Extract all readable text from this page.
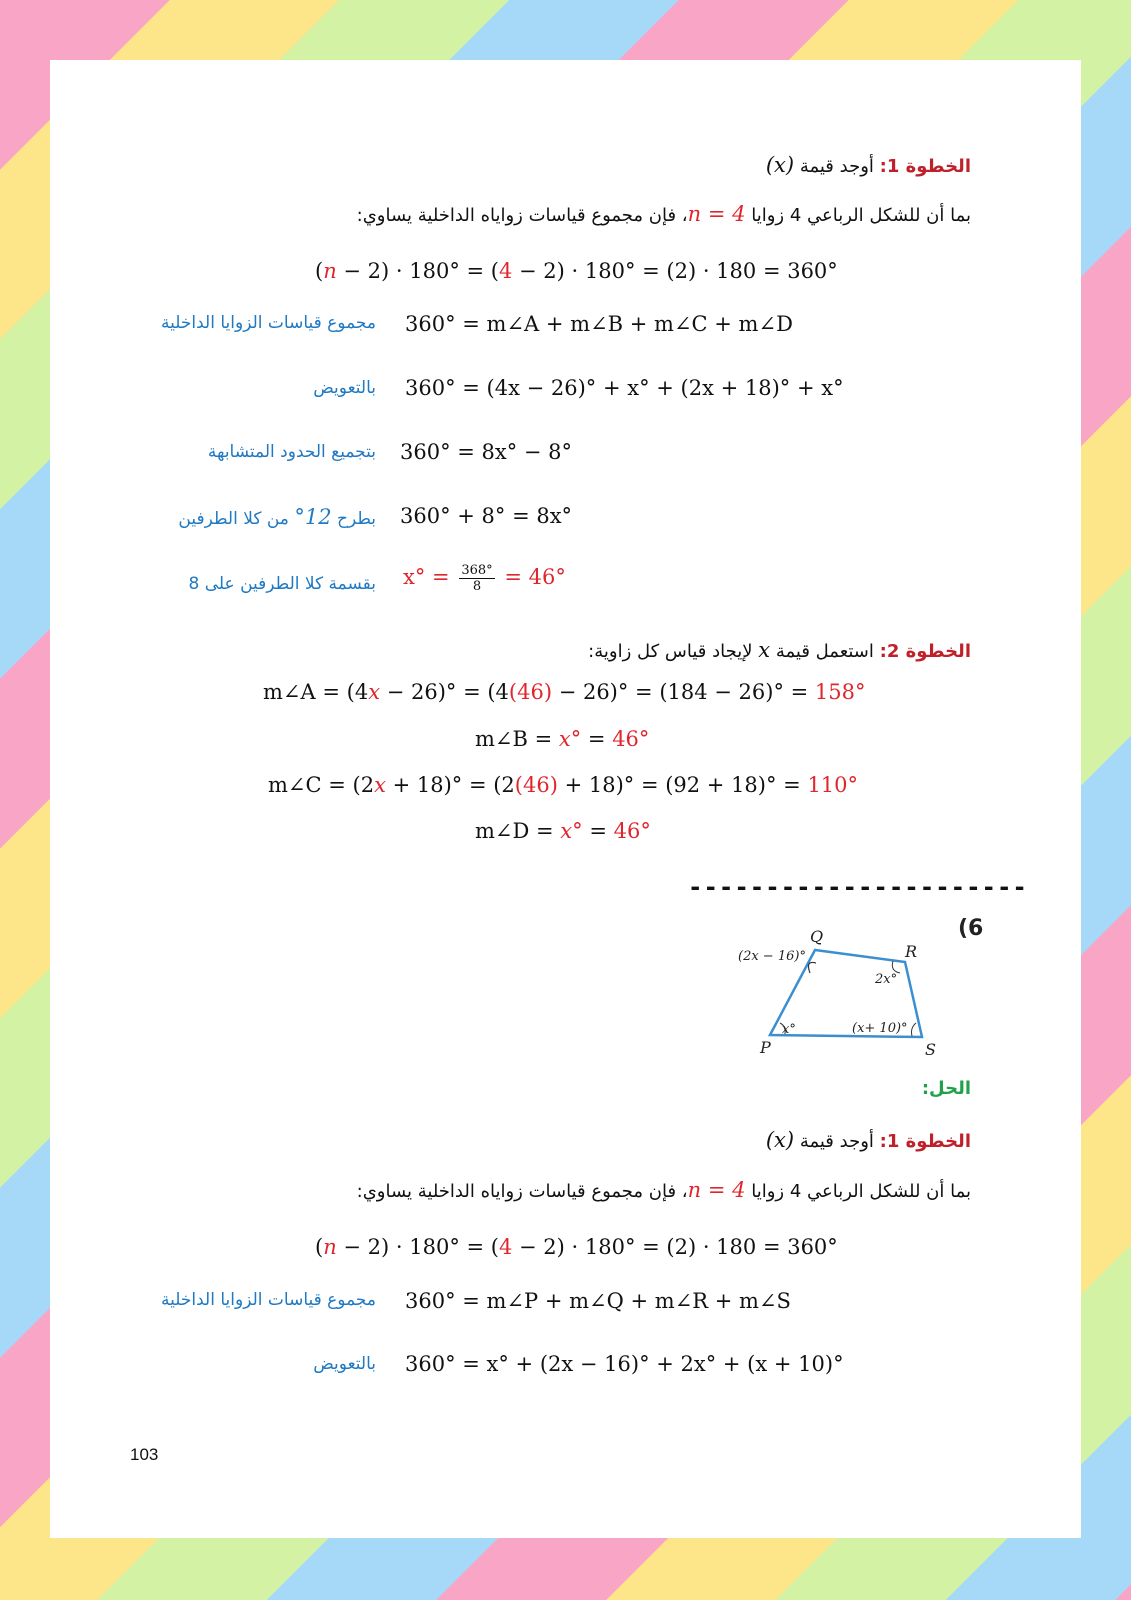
الخطوة 1: أوجد قيمة (x)
بما أن للشكل الرباعي 4 زوايا n = 4، فإن مجموع قياسات زواياه الداخلية يساوي:
(n − 2) · 180° = (4 − 2) · 180° = (2) · 180 = 360°
360° = m∠A + m∠B + m∠C + m∠D
مجموع قياسات الزوايا الداخلية
360° = (4x − 26)° + x° + (2x + 18)° + x°
بالتعويض
360° = 8x° − 8°
بتجميع الحدود المتشابهة
360° + 8° = 8x°
بطرح 12° من كلا الطرفين
$x^\circ = \frac{368^\circ}{8} = 46^\circ$
بقسمة كلا الطرفين على 8
الخطوة 2: استعمل قيمة x لإيجاد قياس كل زاوية:
m∠A = (4x − 26)° = (4(46) − 26)° = (184 − 26)° = 158°
m∠B = x° = 46°
m∠C = (2x + 18)° = (2(46) + 18)° = (92 + 18)° = 110°
m∠D = x° = 46°
----------------------
(6
P
Q
R
S
(2x − 16)°
2x°
x°	(x+ 10)°
الحل:
الخطوة 1: أوجد قيمة (x)
بما أن للشكل الرباعي 4 زوايا n = 4، فإن مجموع قياسات زواياه الداخلية يساوي:
(n − 2) · 180° = (4 − 2) · 180° = (2) · 180 = 360°
360° = m∠P + m∠Q + m∠R + m∠S
مجموع قياسات الزوايا الداخلية
360° = x° + (2x − 16)° + 2x° + (x + 10)°
بالتعويض
103
